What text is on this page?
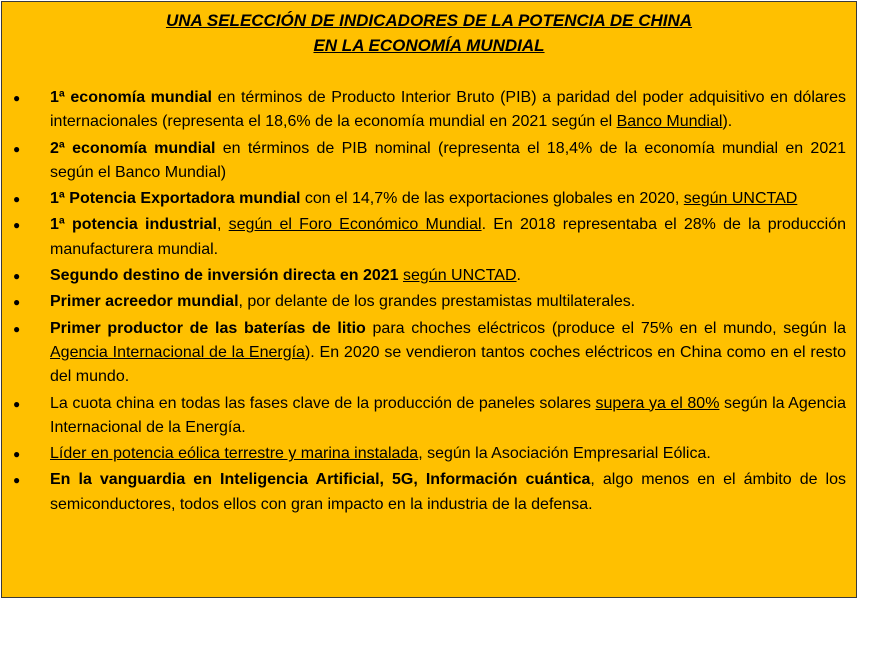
UNA SELECCIÓN DE INDICADORES DE LA POTENCIA DE CHINA
EN LA ECONOMÍA MUNDIAL
● 1ª economía mundial en términos de Producto Interior Bruto (PIB) a paridad del poder adquisitivo en dólares internacionales (representa el 18,6% de la economía mundial en 2021 según el Banco Mundial).
● 2ª economía mundial en términos de PIB nominal (representa el 18,4% de la economía mundial en 2021 según el Banco Mundial)
● 1ª Potencia Exportadora mundial con el 14,7% de las exportaciones globales en 2020, según UNCTAD
● 1ª potencia industrial, según el Foro Económico Mundial. En 2018 representaba el 28% de la producción manufacturera mundial.
● Segundo destino de inversión directa en 2021 según UNCTAD.
● Primer acreedor mundial, por delante de los grandes prestamistas multilaterales.
● Primer productor de las baterías de litio para choches eléctricos (produce el 75% en el mundo, según la Agencia Internacional de la Energía). En 2020 se vendieron tantos coches eléctricos en China como en el resto del mundo.
● La cuota china en todas las fases clave de la producción de paneles solares supera ya el 80% según la Agencia Internacional de la Energía.
● Líder en potencia eólica terrestre y marina instalada, según la Asociación Empresarial Eólica.
● En la vanguardia en Inteligencia Artificial, 5G, Información cuántica, algo menos en el ámbito de los semiconductores, todos ellos con gran impacto en la industria de la defensa.
